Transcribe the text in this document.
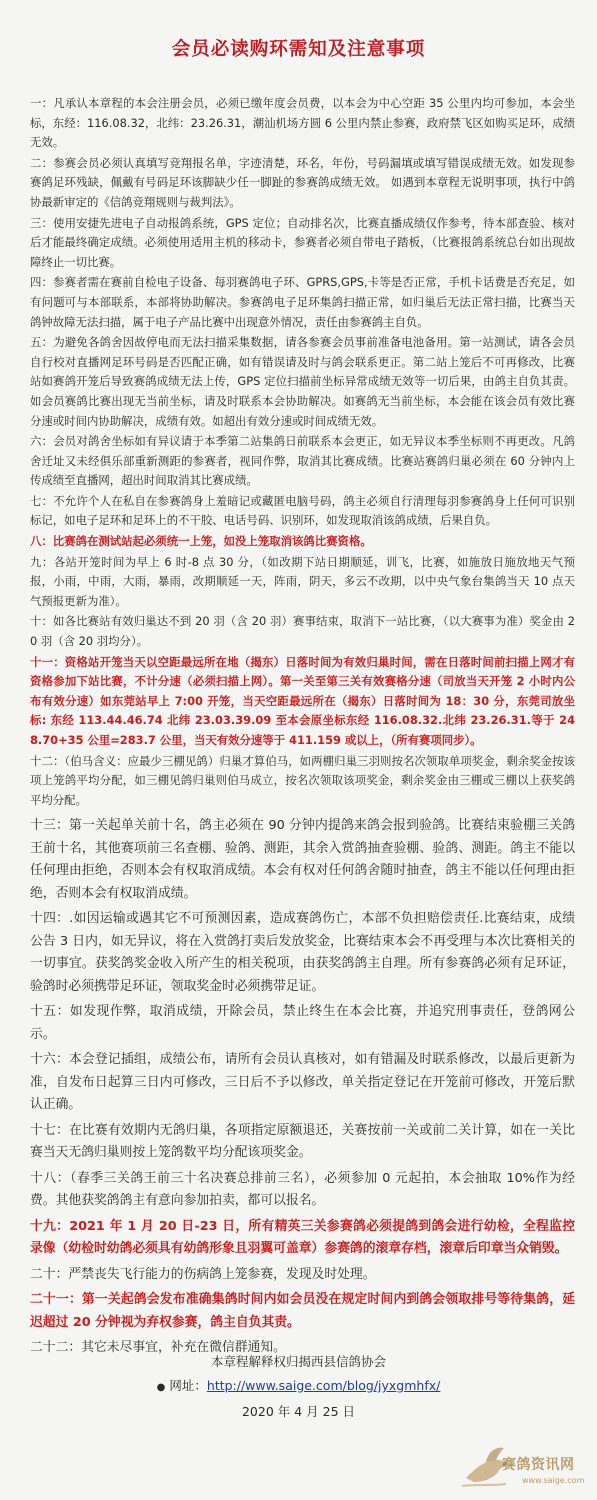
会员必读购环需知及注意事项

一：凡承认本章程的本会注册会员，必须已缴年度会员费，以本会为中心空距 35 公里内均可参加，本会坐标，东经：116.08.32，北纬：23.26.31，潮汕机场方圆 6 公里内禁止参赛，政府禁飞区如购买足环，成绩无效。

二：参赛会员必须认真填写竞翔报名单，字迹清楚，环名，年份，号码漏填或填写错误成绩无效。如发现参赛鸽足环残缺，佩戴有号码足环该脚缺少任一脚趾的参赛鸽成绩无效。 如遇到本章程无说明事项，执行中鸽协最新审定的《信鸽竞翔规则与裁判法》。

三：使用安捷先进电子自动报鸽系统，GPS 定位；自动排名次，比赛直播成绩仅作参考，待本部查验、核对后才能最终确定成绩。必须使用适用主机的移动卡，参赛者必须自带电子踏板，（比赛报鸽系统总台如出现故障终止一切比赛。

四：参赛者需在赛前自检电子设备、每羽赛鸽电子环、GPRS,GPS,卡等是否正常，手机卡话费是否充足，如有问题可与本部联系，本部将协助解决。参赛鸽电子足环集鸽扫描正常，如归巢后无法正常扫描，比赛当天鸽钟故障无法扫描，属于电子产品比赛中出现意外情况，责任由参赛鸽主自负。

五：为避免各鸽舍因故停电而无法扫描采集数据，请各参赛会员事前准备电池备用。第一站测试，请各会员自行校对直播网足环号码是否匹配正确，如有错误请及时与鸽会联系更正。第二站上笼后不可再修改，比赛站如赛鸽开笼后导致赛鸽成绩无法上传，GPS 定位扫描前坐标异常成绩无效等一切后果，由鸽主自负其责。如会员赛鸽比赛出现无当前坐标，请及时联系本会协助解决。如赛鸽无当前坐标，本会能在该会员有效比赛分速或时间内协助解决，成绩有效。如超出有效分速或时间成绩无效。

六：会员对鸽舍坐标如有异议请于本季第二站集鸽日前联系本会更正，如无异议本季坐标则不再更改。凡鸽舍迁址又未经俱乐部重新测距的参赛者，视同作弊，取消其比赛成绩。比赛站赛鸽归巢必须在 60 分钟内上传成绩至直播网，超出时间取消其比赛成绩。

七：不允许个人在私自在参赛鸽身上羞暗记或藏匿电脑号码，鸽主必须自行清理每羽参赛鸽身上任何可识别标记，如电子足环和足环上的不干胶、电话号码、识别环，如发现取消该鸽成绩，后果自负。

八：比赛鸽在测试站起必须统一上笼，如没上笼取消该鸽比赛资格。

九：各站开笼时间为早上 6 时-8 点 30 分，（如改期下站日期顺延，训飞，比赛，如施放日施放地天气预报，小雨，中雨，大雨，暴雨，改期顺延一天，阵雨，阴天，多云不改期，以中央气象台集鸽当天 10 点天气预报更新为准）。

十：如各比赛站有效归巢达不到 20 羽（含 20 羽）赛事结束，取消下一站比赛，（以大赛事为准）奖金由 20 羽（含 20 羽均分）。

十一：资格站开笼当天以空距最远所在地（揭东）日落时间为有效归巢时间，需在日落时间前扫描上网才有资格参加下站比赛，不计分速（必须扫描上网）。第一关至第三关有效赛格分速（司放当天开笼 2 小时内公布有效分速）如东莞站早上 7:00 开笼，当天空距最远所在（揭东）日落时间为 18：30 分，东莞司放坐标: 东经 113.44.46.74 北纬 23.03.39.09 至本会原坐标东经 116.08.32.北纬 23.26.31.等于 248.70+35 公里=283.7 公里，当天有效分速等于 411.159 或以上，（所有赛项同步）。

十二：（伯马含义：应最少三棚见鸽）归巢才算伯马，如两棚归巢三羽则按名次领取单项奖金，剩余奖金按该项上笼鸽平均分配，如三棚见鸽归巢则伯马成立，按名次领取该项奖金，剩余奖金由三棚或三棚以上获奖鸽平均分配。

十三：第一关起单关前十名，鸽主必须在 90 分钟内提鸽来鸽会报到验鸽。比赛结束验棚三关鸽王前十名，其他赛项前三名查棚、验鸽、测距，其余入赏鸽抽查验棚、验鸽、测距。鸽主不能以任何理由拒绝，否则本会有权取消成绩。本会有权对任何鸽舍随时抽查，鸽主不能以任何理由拒绝，否则本会有权取消成绩。

十四：.如因运输或遇其它不可预测因素，造成赛鸽伤亡，本部不负担赔偿责任.比赛结束，成绩公告 3 日内，如无异议，将在入赏鸽打卖后发放奖金，比赛结束本会不再受理与本次比赛相关的一切事宜。获奖鸽奖金收入所产生的相关税项，由获奖鸽鸽主自理。所有参赛鸽必须有足环证，验鸽时必须携带足环证，领取奖金时必须携带足证。

十五：如发现作弊，取消成绩，开除会员，禁止终生在本会比赛，并追究刑事责任，登鸽网公示。

十六：本会登记插组，成绩公布，请所有会员认真核对，如有错漏及时联系修改，以最后更新为准，自发布日起算三日内可修改，三日后不予以修改，单关指定登记在开笼前可修改，开笼后默认正确。

十七：在比赛有效期内无鸽归巢，各项指定原额退还，关赛按前一关或前二关计算，如在一关比赛当天无鸽归巢则按上笼鸽数平均分配该项奖金。

十八：（春季三关鸽王前三十名决赛总排前三名），必须参加 0 元起拍，本会抽取 10%作为经费。其他获奖鸽鸽主有意向参加拍卖，都可以报名。

十九：2021 年 1 月 20 日-23 日，所有精英三关参赛鸽必须提鸽到鸽会进行幼检，全程监控录像（幼检时幼鸽必须具有幼鸽形象且羽翼可盖章）参赛鸽的滚章存档，滚章后印章当众销毁。

二十：严禁丧失飞行能力的伤病鸽上笼参赛，发现及时处理。

二十一：第一关起鸽会发布准确集鸽时间内如会员没在规定时间内到鸽会领取排号等待集鸽，延迟超过 20 分钟视为弃权参赛，鸽主自负其责。

二十二：其它未尽事宜，补充在微信群通知。

本章程解释权归揭西县信鸽协会
● 网址：http://www.saige.com/blog/jyxgmhfx/
2020 年 4 月 25 日
赛鸽资讯网
www.saige.com
